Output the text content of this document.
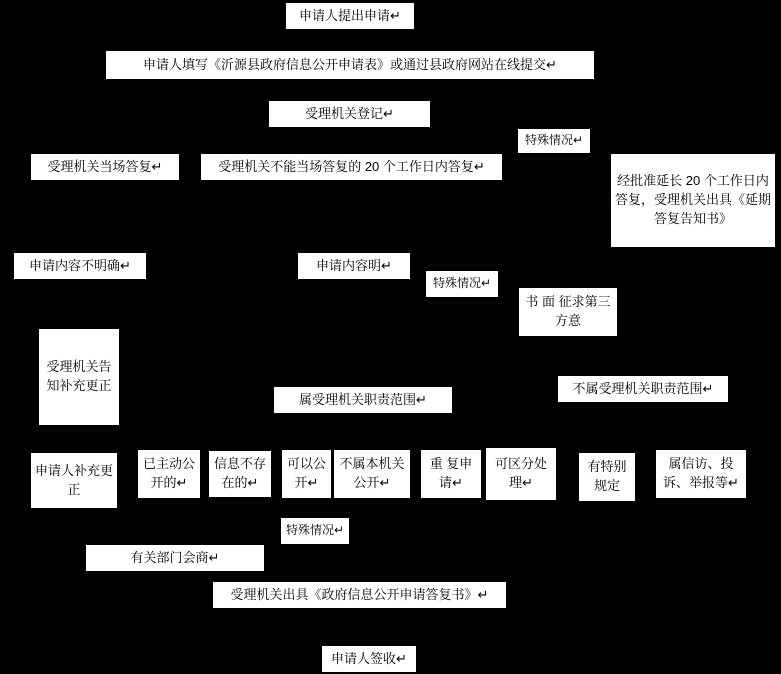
申请人提出申请↵
申请人填写《沂源县政府信息公开申请表》或通过县政府网站在线提交↵
受理机关登记↵
特殊情况↵
经批准延长 20 个工作日内答复，受理机关出具《延期答复告知书》
受理机关当场答复↵	受理机关不能当场答复的 20 个工作日内答复↵
申请内容不明确↵	申请内容明↵
特殊情况↵
书 面 征求第三方意
受理机关告知补充更正
属受理机关职责范围↵
不属受理机关职责范围↵
申请人补充更正
已主动公开的↵
信息不存在的↵
可以公开↵
不属本机关公开↵
重 复申请↵
可区分处理↵
有特别规定
属信访、投诉、举报等↵
特殊情况↵
有关部门会商↵
受理机关出具《政府信息公开申请答复书》↵
申请人签收↵
